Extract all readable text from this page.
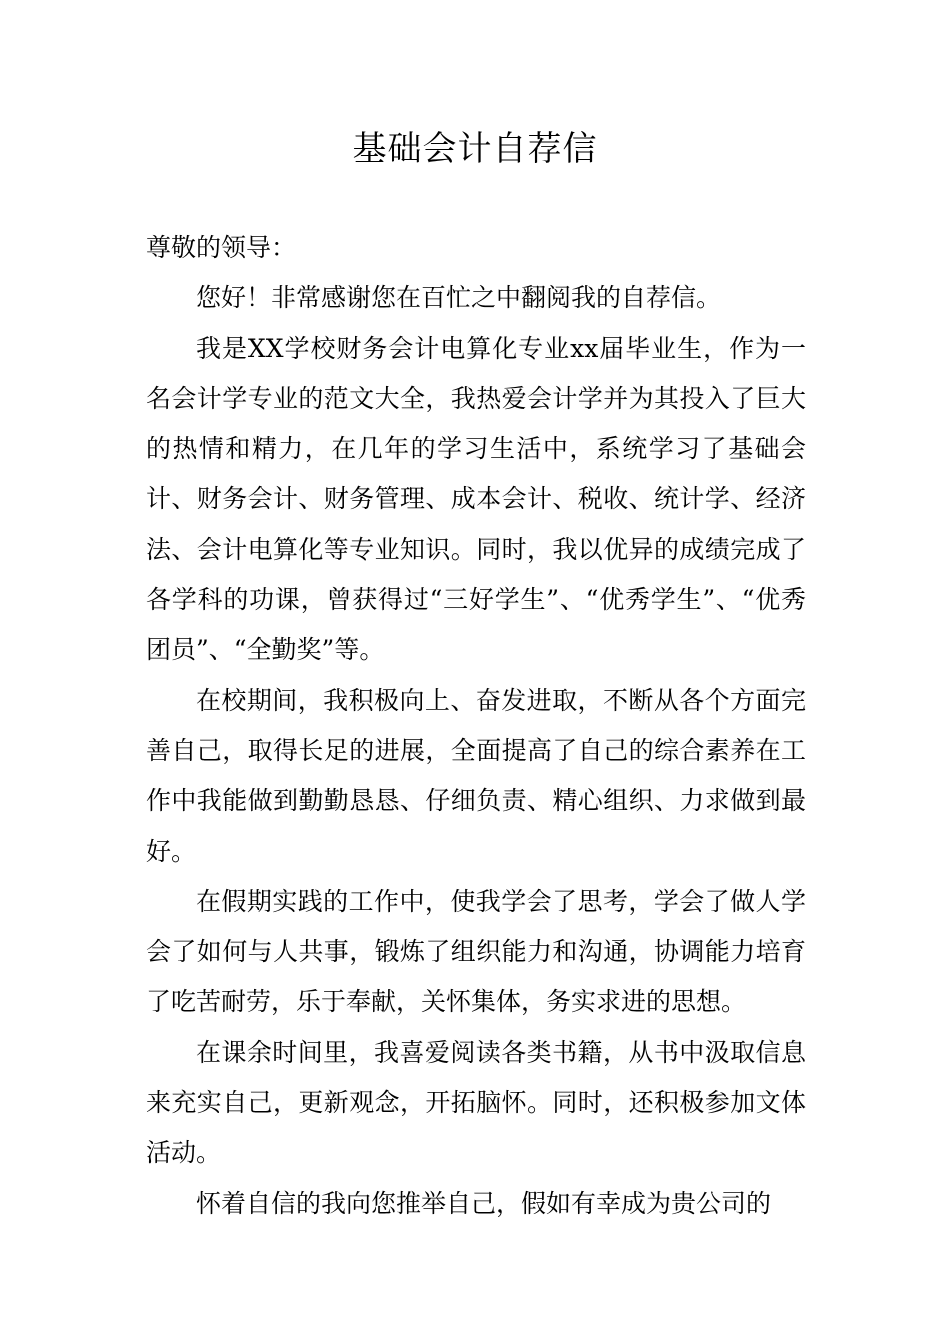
基础会计自荐信

尊敬的领导：

您好！非常感谢您在百忙之中翻阅我的自荐信。

我是XX学校财务会计电算化专业xx届毕业生，作为一名会计学专业的范文大全，我热爱会计学并为其投入了巨大的热情和精力，在几年的学习生活中，系统学习了基础会计、财务会计、财务管理、成本会计、税收、统计学、经济法、会计电算化等专业知识。同时，我以优异的成绩完成了各学科的功课，曾获得过“三好学生”、“优秀学生”、“优秀团员”、“全勤奖”等。

在校期间，我积极向上、奋发进取，不断从各个方面完善自己，取得长足的进展，全面提高了自己的综合素养在工作中我能做到勤勤恳恳、仔细负责、精心组织、力求做到最好。

在假期实践的工作中，使我学会了思考，学会了做人学会了如何与人共事，锻炼了组织能力和沟通，协调能力培育了吃苦耐劳，乐于奉献，关怀集体，务实求进的思想。

在课余时间里，我喜爱阅读各类书籍，从书中汲取信息来充实自己，更新观念，开拓脑怀。同时，还积极参加文体活动。

怀着自信的我向您推举自己，假如有幸成为贵公司的
